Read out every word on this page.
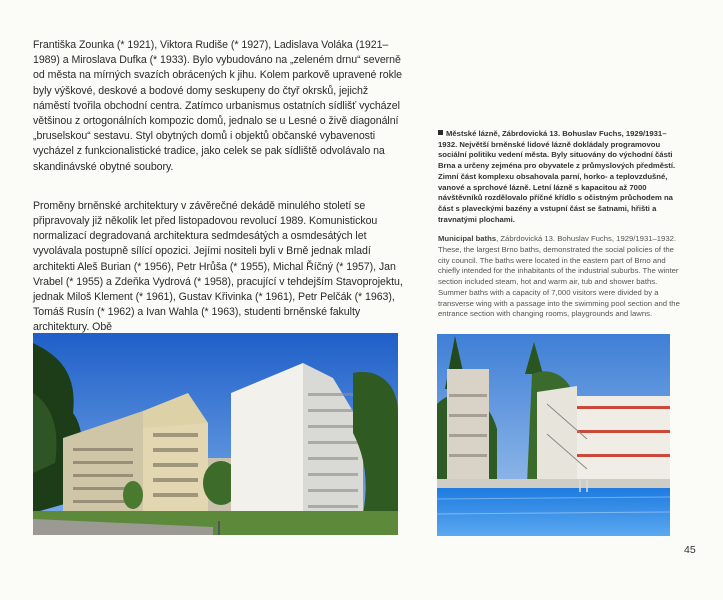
Františka Zounka (* 1921), Viktora Rudiše (* 1927), Ladislava Voláka (1921–1989) a Miroslava Dufka (* 1933). Bylo vybudováno na „zeleném drnu“ severně od města na mírných svazích obrácených k jihu. Kolem parkově upravené rokle byly výškové, deskové a bodové domy seskupeny do čtyř okrsků, jejichž náměstí tvořila obchodní centra. Zatímco urbanismus ostatních sídlišť vycházel většinou z ortogonálních kompozic domů, jednalo se u Lesné o živě diagonální „bruselskou“ sestavu. Styl obytných domů i objektů občanské vybavenosti vycházel z funkcionalistické tradice, jako celek se pak sídliště odvolávalo na skandinávské obytné soubory.

Proměny brněnské architektury v závěrečné dekádě minulého století se připravovaly již několik let před listopadovou revolucí 1989. Komunistickou normalizací degradovaná architektura sedmdesátých a osmdesátých let vyvolávala postupně sílící opozici. Jejími nositeli byli v Brně jednak mladí architekti Aleš Burian (* 1956), Petr Hrůša (* 1955), Michal Říčný (* 1957), Jan Vrabel (* 1955) a Zdeňka Vydrová (* 1958), pracující v tehdejším Stavoprojektu, jednak Miloš Klement (* 1961), Gustav Křivinka (* 1961), Petr Pelčák (* 1963), Tomáš Rusín (* 1962) a Ivan Wahla (* 1963), studenti brněnské fakulty architektury. Obě

Městské lázně, Zábrdovická 13. Bohuslav Fuchs, 1929/1931–1932. Největší brněnské lidové lázně dokládaly programovou sociální politiku vedení města. Byly situovány do východní části Brna a určeny zejména pro obyvatele z průmyslových předměstí. Zimní část komplexu obsahovala parní, horko- a teplovzdušné, vanové a sprchové lázně. Letní lázně s kapacitou až 7000 návštěvníků rozdělovalo příčné křídlo s očistným průchodem na část s plaveckými bazény a vstupní část se šatnami, hřišti a travnatými plochami.

Municipal baths, Zábrdovická 13. Bohuslav Fuchs, 1929/1931–1932. These, the largest Brno baths, demonstrated the social policies of the city council. The baths were located in the eastern part of Brno and chiefly intended for the inhabitants of the industrial suburbs. The winter section included steam, hot and warm air, tub and shower baths. Summer baths with a capacity of 7,000 visitors were divided by a transverse wing with a passage into the swimming pool section and the entrance section with changing rooms, playgrounds and lawns.

45
